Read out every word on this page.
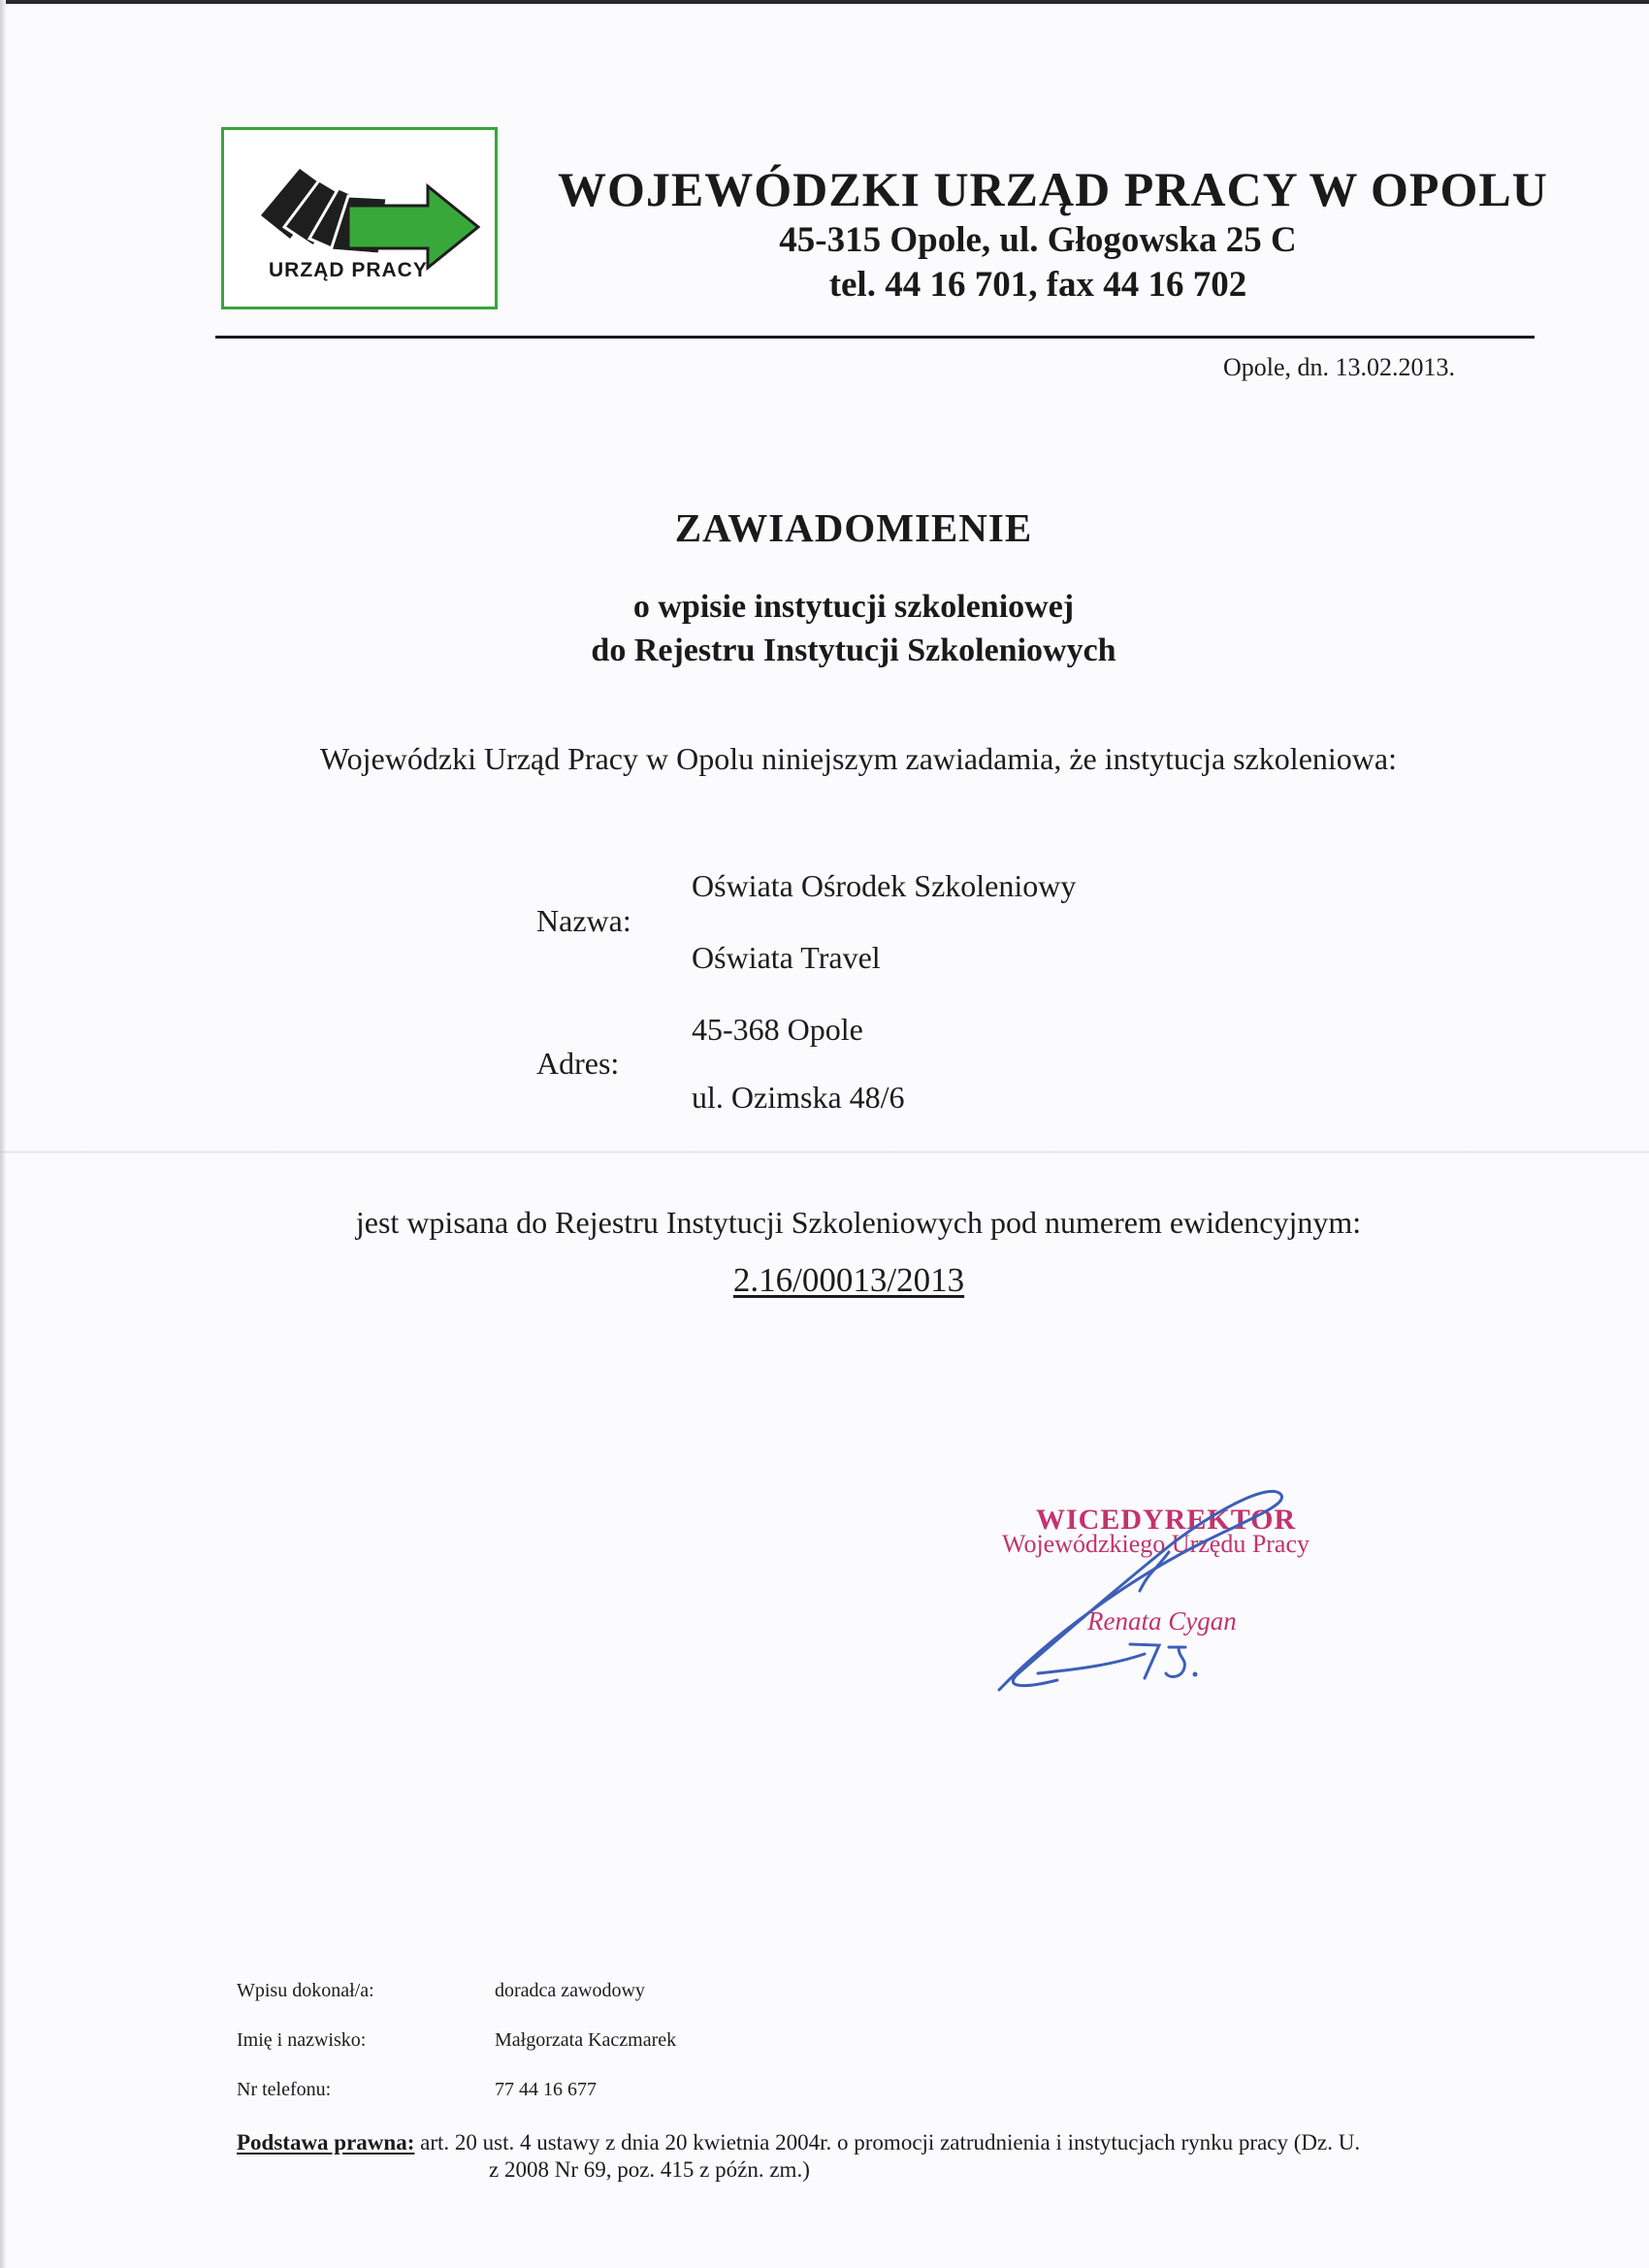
URZĄD PRACY
WOJEWÓDZKI URZĄD PRACY W OPOLU
45-315 Opole, ul. Głogowska 25 C
tel. 44 16 701, fax 44 16 702
Opole, dn. 13.02.2013.
ZAWIADOMIENIE
o wpisie instytucji szkoleniowej
do Rejestru Instytucji Szkoleniowych
Wojewódzki Urząd Pracy w Opolu niniejszym zawiadamia, że instytucja szkoleniowa:
Nazwa:
Oświata Ośrodek Szkoleniowy
Oświata Travel
Adres:
45-368 Opole
ul. Ozimska 48/6
jest wpisana do Rejestru Instytucji Szkoleniowych pod numerem ewidencyjnym:
2.16/00013/2013
WICEDYREKTOR
Wojewódzkiego Urzędu Pracy
Renata Cygan
Wpisu dokonał/a:	doradca zawodowy
Imię i nazwisko:	Małgorzata Kaczmarek
Nr telefonu:	77 44 16 677
Podstawa prawna: art. 20 ust. 4 ustawy z dnia 20 kwietnia 2004r. o promocji zatrudnienia i instytucjach rynku pracy (Dz. U.
z 2008 Nr 69, poz. 415 z późn. zm.)
